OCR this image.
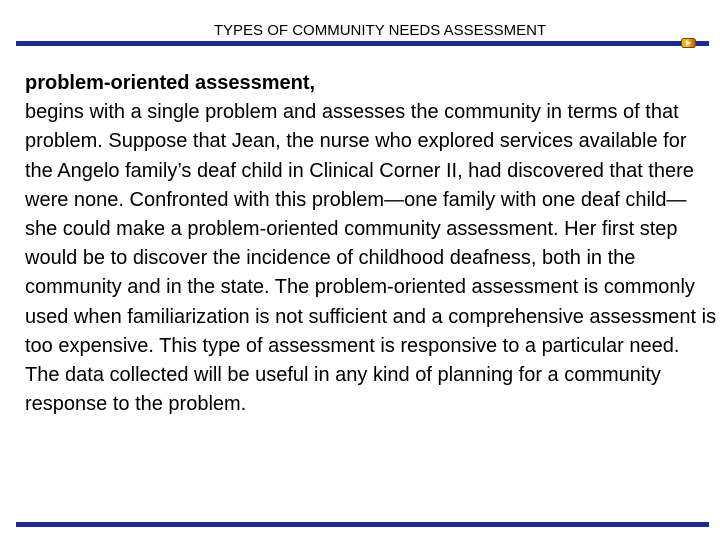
TYPES OF COMMUNITY NEEDS ASSESSMENT
problem-oriented assessment,
begins with a single problem and assesses the community in terms of that problem. Suppose that Jean, the nurse who explored services available for the Angelo family’s deaf child in Clinical Corner II, had discovered that there were none. Confronted with this problem—one family with one deaf child—she could make a problem-oriented community assessment. Her first step would be to discover the incidence of childhood deafness, both in the community and in the state. The problem-oriented assessment is commonly used when familiarization is not sufficient and a comprehensive assessment is too expensive. This type of assessment is responsive to a particular need. The data collected will be useful in any kind of planning for a community response to the problem.
